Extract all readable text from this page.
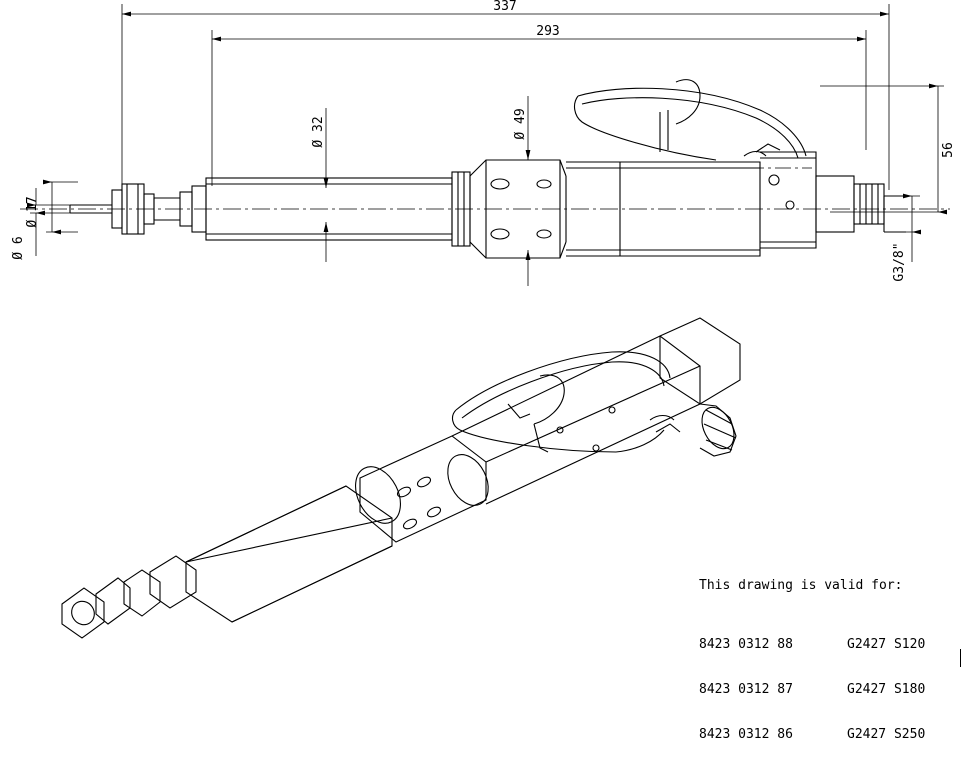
337
293
Ø 32	Ø 49
Ø 17
Ø 6
56
G3/8"

This drawing is valid for:

8423 0312 88	G2427 S120

8423 0312 87	G2427 S180

8423 0312 86	G2427 S250
